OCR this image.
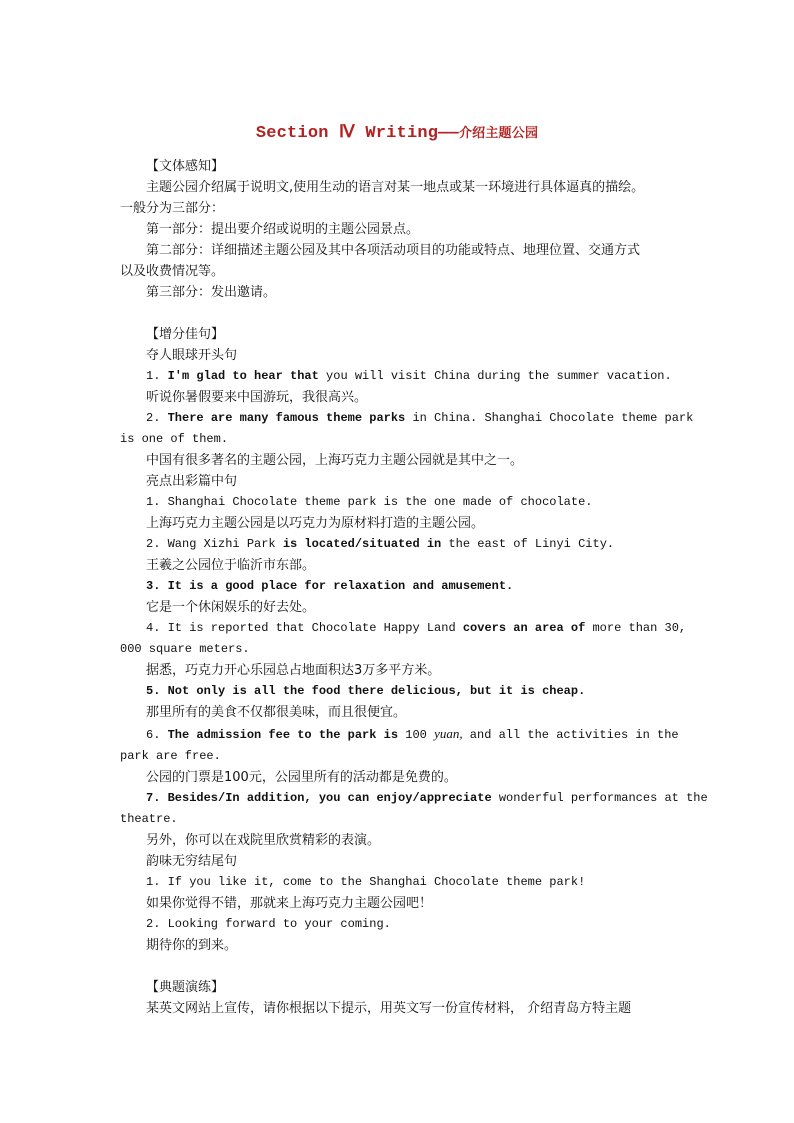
Section Ⅳ Writing——介绍主题公园
【文体感知】
主题公园介绍属于说明文,使用生动的语言对某一地点或某一环境进行具体逼真的描绘。
一般分为三部分：
第一部分：提出要介绍或说明的主题公园景点。
第二部分：详细描述主题公园及其中各项活动项目的功能或特点、地理位置、交通方式
以及收费情况等。
第三部分：发出邀请。
【增分佳句】
夺人眼球开头句
1. I'm glad to hear that you will visit China during the summer vacation.
听说你暑假要来中国游玩，我很高兴。
2. There are many famous theme parks in China. Shanghai Chocolate theme park
is one of them.
中国有很多著名的主题公园，上海巧克力主题公园就是其中之一。
亮点出彩篇中句
1. Shanghai Chocolate theme park is the one made of chocolate.
上海巧克力主题公园是以巧克力为原材料打造的主题公园。
2. Wang Xizhi Park is located/situated in the east of Linyi City.
王羲之公园位于临沂市东部。
3. It is a good place for relaxation and amusement.
它是一个休闲娱乐的好去处。
4. It is reported that Chocolate Happy Land covers an area of more than 30,
000 square meters.
据悉，巧克力开心乐园总占地面积达3万多平方米。
5. Not only is all the food there delicious, but it is cheap.
那里所有的美食不仅都很美味，而且很便宜。
6. The admission fee to the park is 100 yuan, and all the activities in the
park are free.
公园的门票是100元，公园里所有的活动都是免费的。
7. Besides/In addition, you can enjoy/appreciate wonderful performances at the
theatre.
另外，你可以在戏院里欣赏精彩的表演。
韵味无穷结尾句
1. If you like it, come to the Shanghai Chocolate theme park!
如果你觉得不错，那就来上海巧克力主题公园吧！
2. Looking forward to your coming.
期待你的到来。
【典题演练】
某英文网站上宣传，请你根据以下提示，用英文写一份宣传材料， 介绍青岛方特主题
